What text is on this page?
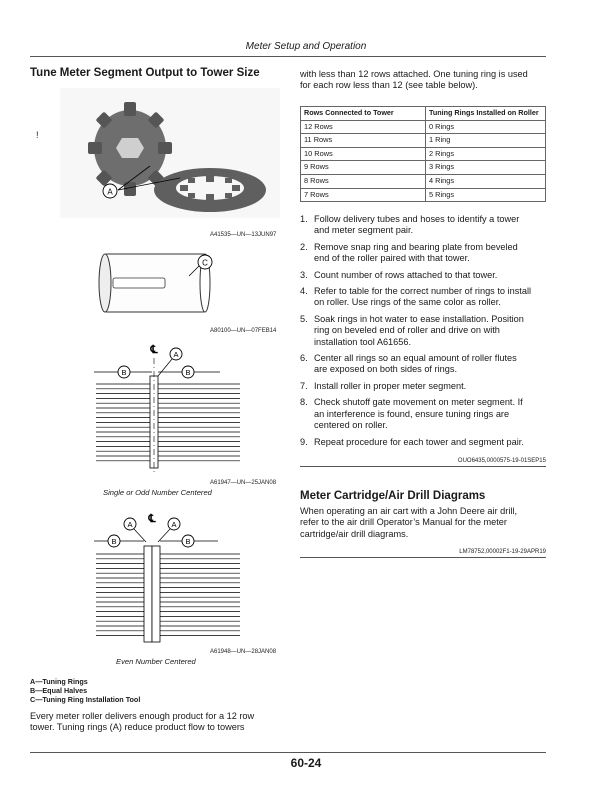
Meter Setup and Operation
Tune Meter Segment Output to Tower Size
!
A
A41535—UN—13JUN97
C
A80100—UN—07FEB14
℄ A
B	B
A61947—UN—25JAN08
Single or Odd Number Centered
℄
A	A
B	B
A61948—UN—28JAN08
Even Number Centered
A—Tuning Rings
B—Equal Halves
C—Tuning Ring Installation Tool
Every meter roller delivers enough product for a 12 row
tower. Tuning rings (A) reduce product flow to towers
with less than 12 rows attached. One tuning ring is used
for each row less than 12 (see table below).
Rows Connected to Tower	Tuning Rings Installed on Roller
12 Rows	0 Rings
11 Rows	1 Ring
10 Rows	2 Rings
9 Rows	3 Rings
8 Rows	4 Rings
7 Rows	5 Rings
1. Follow delivery tubes and hoses to identify a tower
and meter segment pair.
2. Remove snap ring and bearing plate from beveled
end of the roller paired with that tower.
3. Count number of rows attached to that tower.
4. Refer to table for the correct number of rings to install
on roller. Use rings of the same color as roller.
5. Soak rings in hot water to ease installation. Position
ring on beveled end of roller and drive on with
installation tool A61656.
6. Center all rings so an equal amount of roller flutes
are exposed on both sides of rings.
7. Install roller in proper meter segment.
8. Check shutoff gate movement on meter segment. If
an interference is found, ensure tuning rings are
centered on roller.
9. Repeat procedure for each tower and segment pair.
OUO6435,00005​75-19-01SEP15
Meter Cartridge/Air Drill Diagrams
When operating an air cart with a John Deere air drill,
refer to the air drill Operator’s Manual for the meter
cartridge/air drill diagrams.
LM78752,00002F1-19-29APR19
60-24
